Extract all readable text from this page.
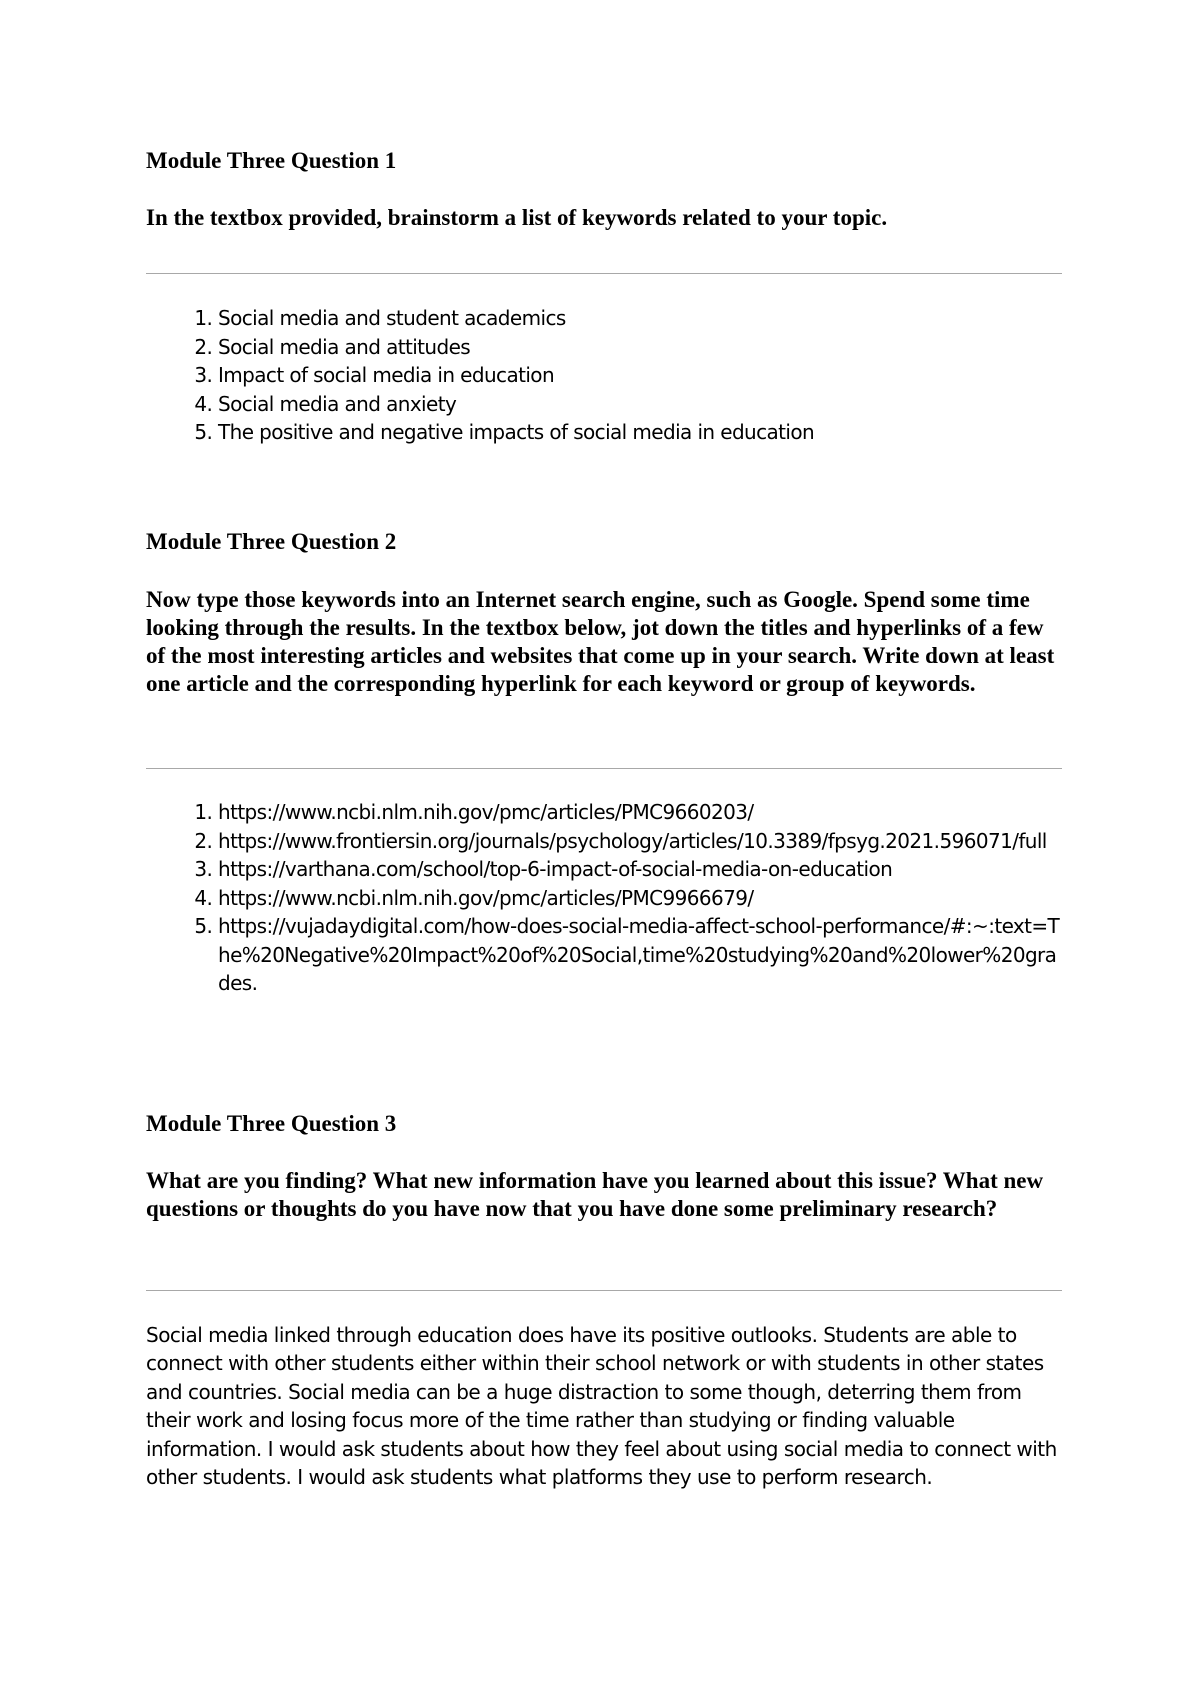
Module Three Question 1

In the textbox provided, brainstorm a list of keywords related to your topic.

1. Social media and student academics
2. Social media and attitudes
3. Impact of social media in education
4. Social media and anxiety
5. The positive and negative impacts of social media in education
Module Three Question 2

Now type those keywords into an Internet search engine, such as Google. Spend some time looking through the results. In the textbox below, jot down the titles and hyperlinks of a few of the most interesting articles and websites that come up in your search. Write down at least one article and the corresponding hyperlink for each keyword or group of keywords.

1. https://www.ncbi.nlm.nih.gov/pmc/articles/PMC9660203/
2. https://www.frontiersin.org/journals/psychology/articles/10.3389/fpsyg.2021.596071/full
3. https://varthana.com/school/top-6-impact-of-social-media-on-education
4. https://www.ncbi.nlm.nih.gov/pmc/articles/PMC9966679/
5. https://vujadaydigital.com/how-does-social-media-affect-school-performance/#:~:text=The%20Negative%20Impact%20of%20Social,time%20studying%20and%20lower%20grades.
Module Three Question 3

What are you finding? What new information have you learned about this issue? What new questions or thoughts do you have now that you have done some preliminary research?

Social media linked through education does have its positive outlooks. Students are able to connect with other students either within their school network or with students in other states and countries. Social media can be a huge distraction to some though, deterring them from their work and losing focus more of the time rather than studying or finding valuable information. I would ask students about how they feel about using social media to connect with other students. I would ask students what platforms they use to perform research.
